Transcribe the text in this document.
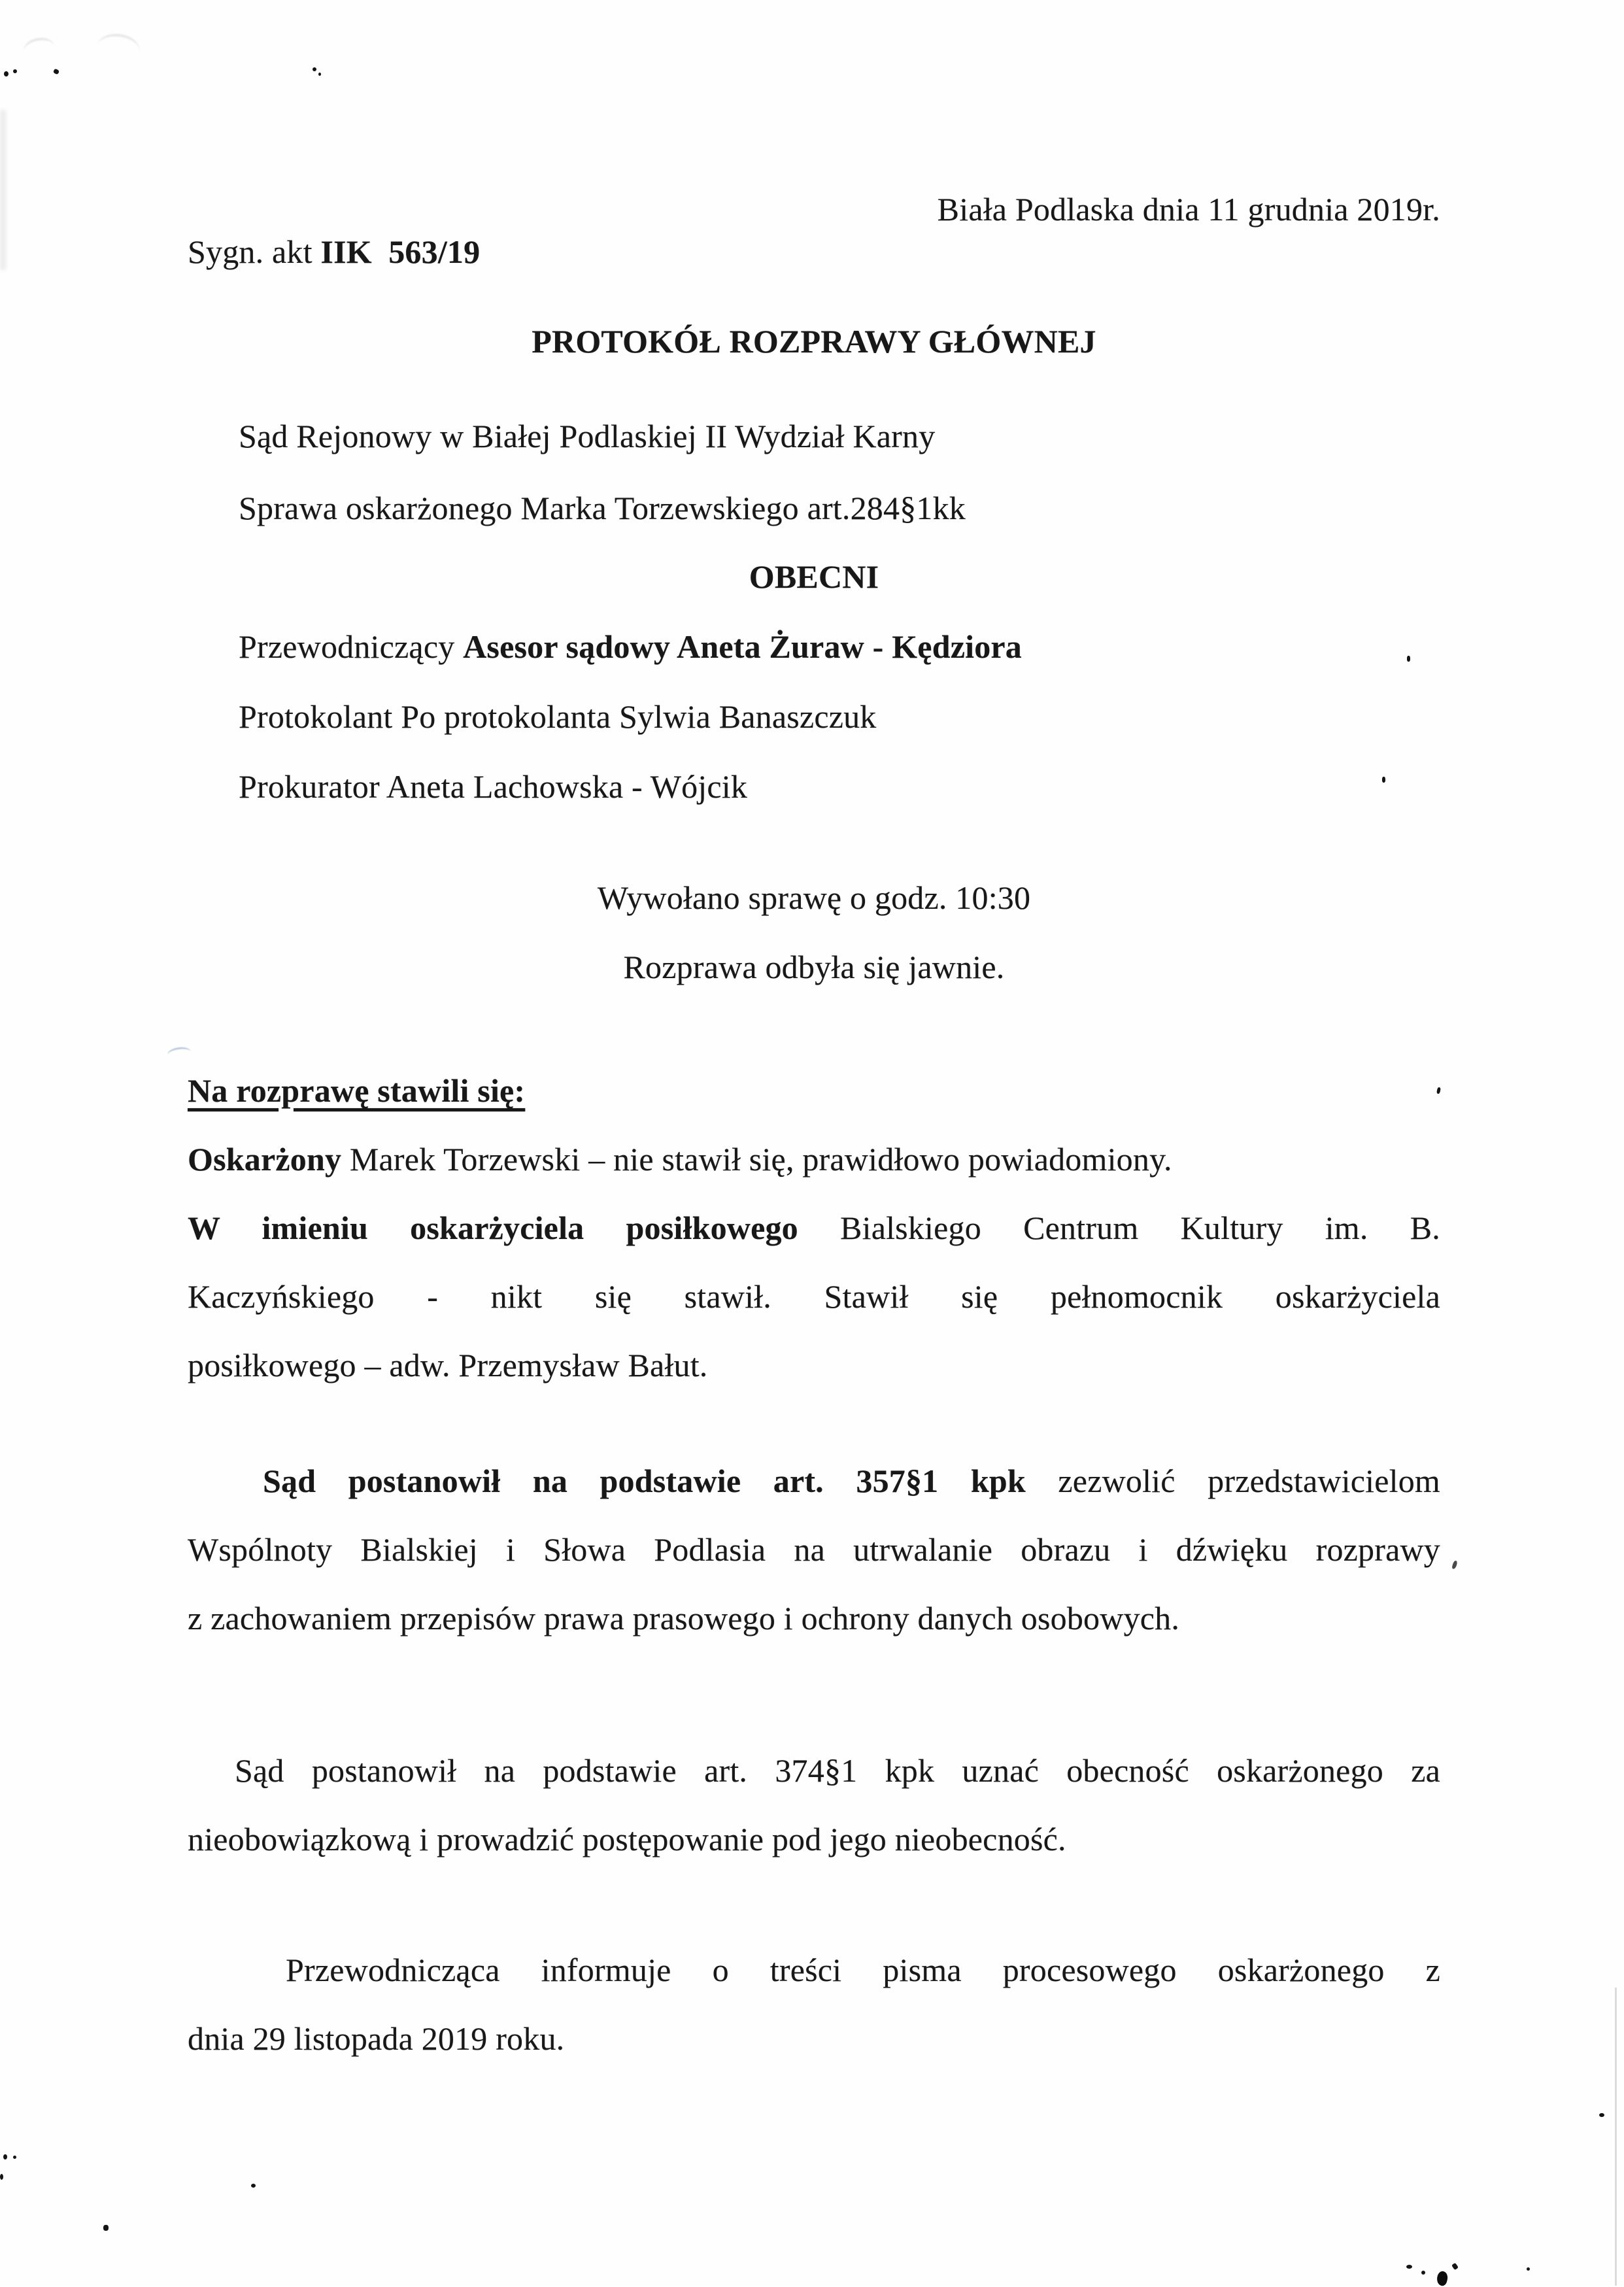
Biała Podlaska dnia 11 grudnia 2019r.
Sygn. akt IIK  563/19
PROTOKÓŁ ROZPRAWY GŁÓWNEJ
Sąd Rejonowy w Białej Podlaskiej II Wydział Karny
Sprawa oskarżonego Marka Torzewskiego art.284§1kk
OBECNI
Przewodniczący Asesor sądowy Aneta Żuraw - Kędziora
Protokolant Po protokolanta Sylwia Banaszczuk
Prokurator Aneta Lachowska - Wójcik
Wywołano sprawę o godz. 10:30
Rozprawa odbyła się jawnie.
Na rozprawę stawili się:
Oskarżony Marek Torzewski – nie stawił się, prawidłowo powiadomiony.
W imieniu oskarżyciela posiłkowego Bialskiego Centrum Kultury im. B.
Kaczyńskiego - nikt się stawił. Stawił się pełnomocnik oskarżyciela
posiłkowego – adw. Przemysław Bałut.
Sąd postanowił na podstawie art. 357§1 kpk zezwolić przedstawicielom
Wspólnoty Bialskiej i Słowa Podlasia na utrwalanie obrazu i dźwięku rozprawy
z zachowaniem przepisów prawa prasowego i ochrony danych osobowych.
Sąd postanowił na podstawie art. 374§1 kpk uznać obecność oskarżonego za
nieobowiązkową i prowadzić postępowanie pod jego nieobecność.
Przewodnicząca informuje o treści pisma procesowego oskarżonego z
dnia 29 listopada 2019 roku.
